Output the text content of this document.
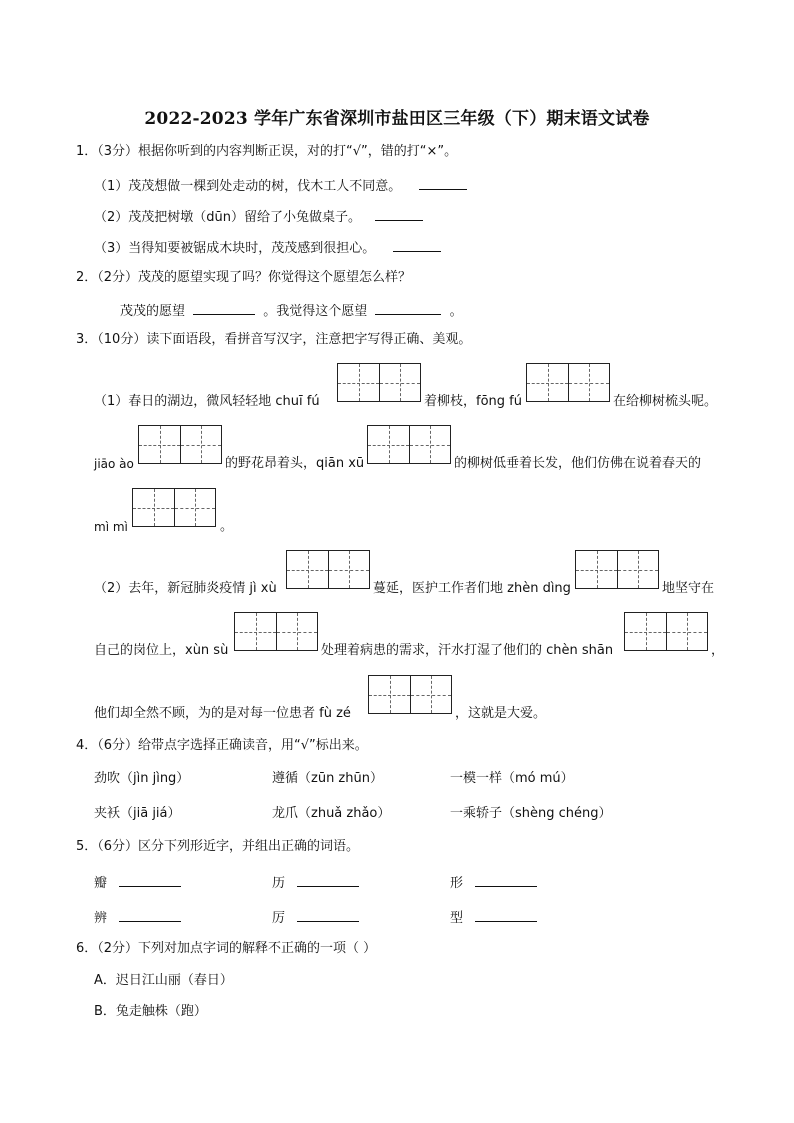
2022-2023 学年广东省深圳市盐田区三年级（下）期末语文试卷
1．（3分）根据你听到的内容判断正误，对的打“√”，错的打“×”。
（1）茂茂想做一棵到处走动的树，伐木工人不同意。
（2）茂茂把树墩（dūn）留给了小兔做桌子。
（3）当得知要被锯成木块时，茂茂感到很担心。
2．（2分）茂茂的愿望实现了吗？你觉得这个愿望怎么样？
茂茂的愿望	。我觉得这个愿望	。
3．（10分）读下面语段，看拼音写汉字，注意把字写得正确、美观。
（1）春日的湖边，微风轻轻地 chuī fú	着柳枝，fōng fú	在给柳树梳头呢。
jiāo ào	的野花昂着头，qiān xū	的柳树低垂着长发，他们仿佛在说着春天的
mì mì	。
（2）去年，新冠肺炎疫情 jì xù	蔓延，医护工作者们地 zhèn dìng	地坚守在
自己的岗位上，xùn sù	处理着病患的需求，汗水打湿了他们的 chèn shān	，
他们却全然不顾，为的是对每一位患者 fù zé	，这就是大爱。
4．（6分）给带点字选择正确读音，用“√”标出来。
劲吹（jìn jìng）	遵循（zūn zhūn）	一模一样（mó mú）
夹袄（jiā jiá）	龙爪（zhuǎ zhǎo）	一乘轿子（shèng chéng）
5．（6分）区分下列形近字，并组出正确的词语。
瓣	历	形
辨	厉	型
6．（2分）下列对加点字词的解释不正确的一项（ ）
A．迟日江山丽（春日）
B．兔走触株（跑）
